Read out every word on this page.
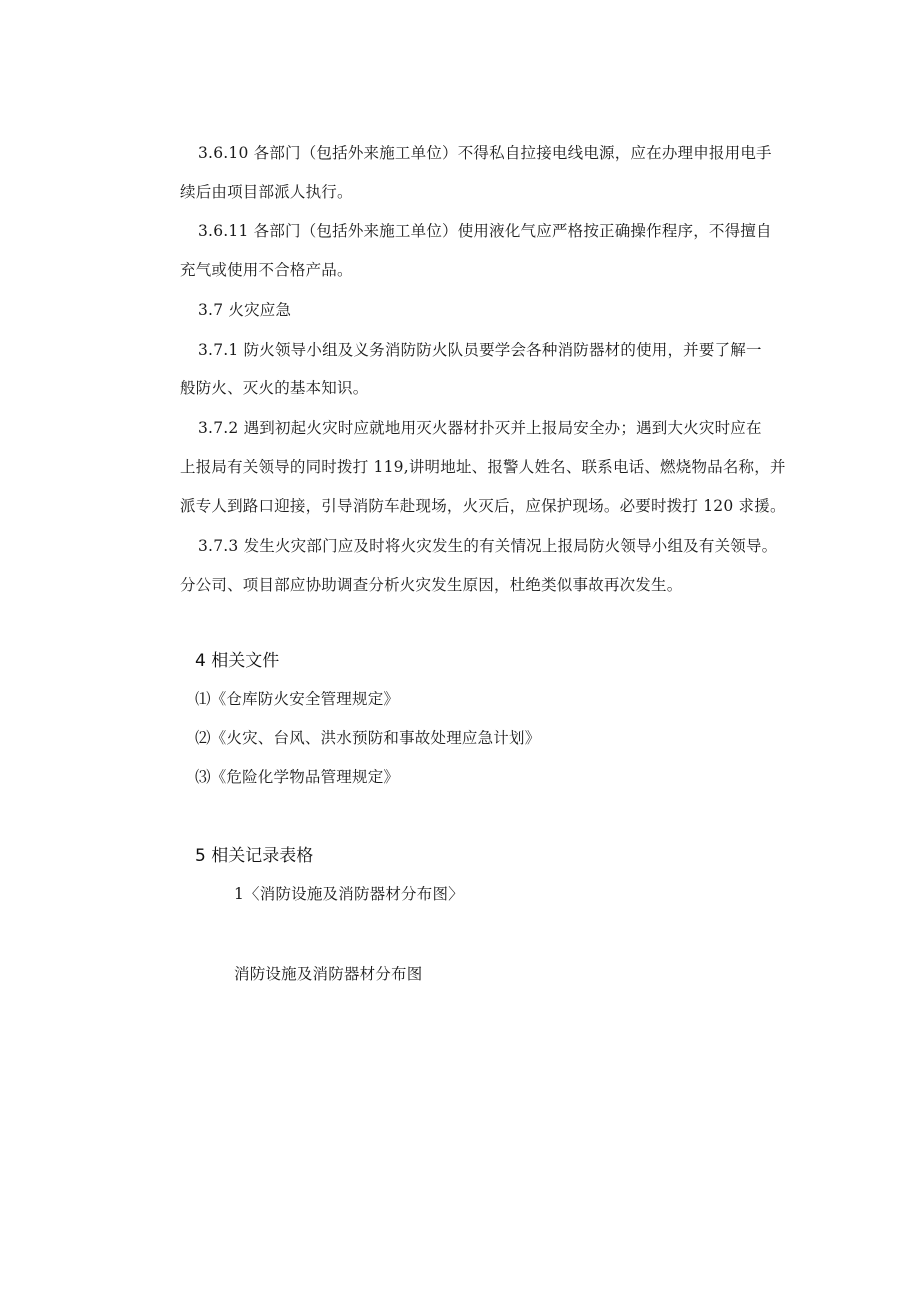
3.6.10 各部门（包括外来施工单位）不得私自拉接电线电源，应在办理申报用电手
续后由项目部派人执行。
3.6.11 各部门（包括外来施工单位）使用液化气应严格按正确操作程序，不得擅自
充气或使用不合格产品。
3.7 火灾应急
3.7.1 防火领导小组及义务消防防火队员要学会各种消防器材的使用，并要了解一
般防火、灭火的基本知识。
3.7.2 遇到初起火灾时应就地用灭火器材扑灭并上报局安全办；遇到大火灾时应在
上报局有关领导的同时拨打 119,讲明地址、报警人姓名、联系电话、燃烧物品名称，并
派专人到路口迎接，引导消防车赴现场，火灭后，应保护现场。必要时拨打 120 求援。
3.7.3 发生火灾部门应及时将火灾发生的有关情况上报局防火领导小组及有关领导。
分公司、项目部应协助调查分析火灾发生原因，杜绝类似事故再次发生。
4 相关文件
⑴《仓库防火安全管理规定》
⑵《火灾、台风、洪水预防和事故处理应急计划》
⑶《危险化学物品管理规定》
5 相关记录表格
1〈消防设施及消防器材分布图〉
消防设施及消防器材分布图
